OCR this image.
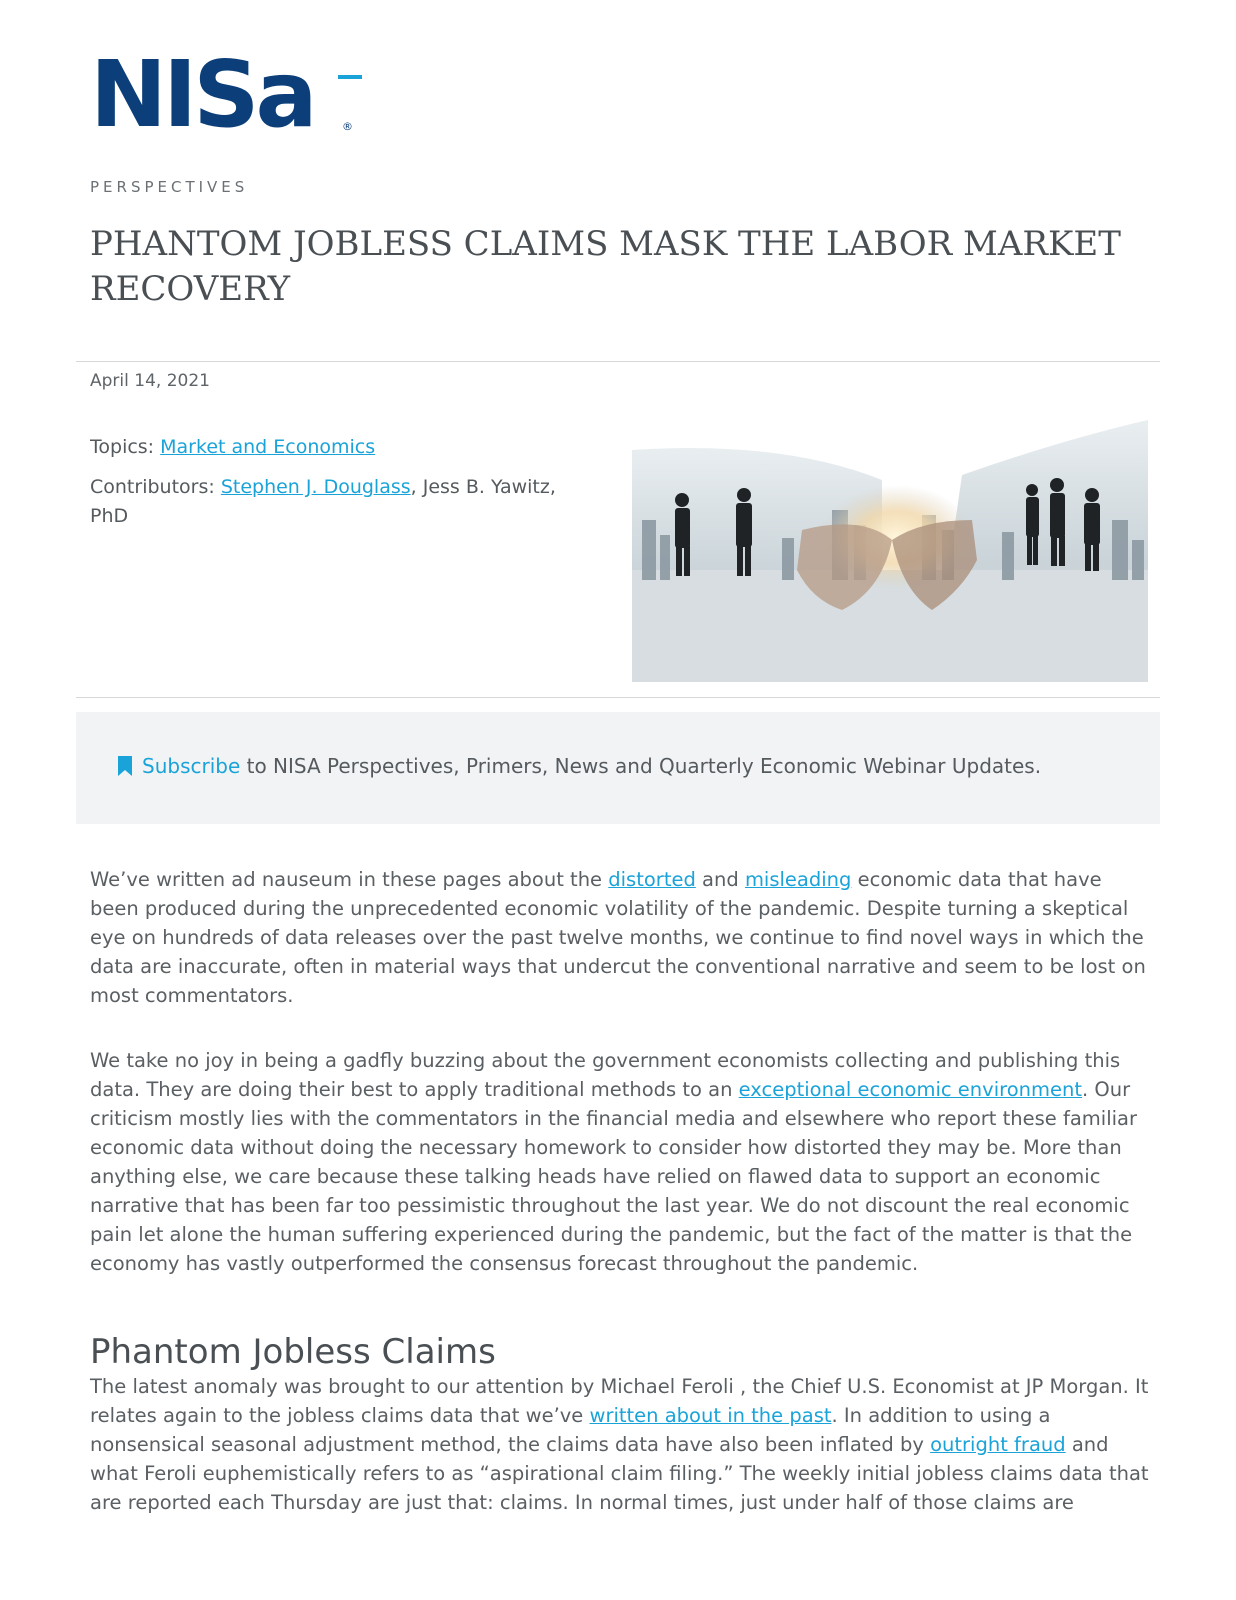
NISa	®
PERSPECTIVES
PHANTOM JOBLESS CLAIMS MASK THE LABOR MARKET
RECOVERY
April 14, 2021
Topics: Market and Economics
Contributors: Stephen J. Douglass, Jess B. Yawitz,
PhD
Subscribe to NISA Perspectives, Primers, News and Quarterly Economic Webinar Updates.

We’ve written ad nauseum in these pages about the distorted and misleading economic data that have been produced during the unprecedented economic volatility of the pandemic. Despite turning a skeptical eye on hundreds of data releases over the past twelve months, we continue to find novel ways in which the data are inaccurate, often in material ways that undercut the conventional narrative and seem to be lost on most commentators.

We take no joy in being a gadfly buzzing about the government economists collecting and publishing this data. They are doing their best to apply traditional methods to an exceptional economic environment. Our criticism mostly lies with the commentators in the financial media and elsewhere who report these familiar economic data without doing the necessary homework to consider how distorted they may be. More than anything else, we care because these talking heads have relied on flawed data to support an economic narrative that has been far too pessimistic throughout the last year. We do not discount the real economic pain let alone the human suffering experienced during the pandemic, but the fact of the matter is that the economy has vastly outperformed the consensus forecast throughout the pandemic.

Phantom Jobless Claims

The latest anomaly was brought to our attention by Michael Feroli , the Chief U.S. Economist at JP Morgan. It relates again to the jobless claims data that we’ve written about in the past. In addition to using a nonsensical seasonal adjustment method, the claims data have also been inflated by outright fraud and what Feroli euphemistically refers to as “aspirational claim filing.” The weekly initial jobless claims data that are reported each Thursday are just that: claims. In normal times, just under half of those claims are
